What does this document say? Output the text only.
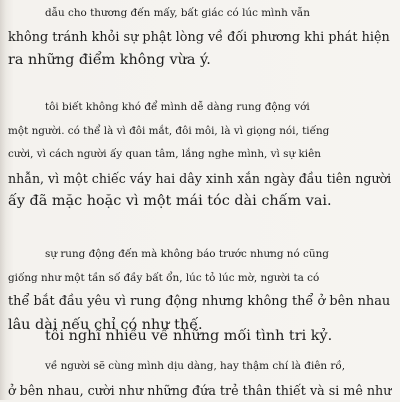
dẫu cho thương đến mấy, bất giác có lúc mình vẫn
không tránh khỏi sự phật lòng về đối phương khi phát hiện
ra những điểm không vừa ý.
tôi biết không khó để mình dễ dàng rung động với
một người. có thể là vì đôi mắt, đôi môi, là vì giọng nói, tiếng
cười, vì cách người ấy quan tâm, lắng nghe mình, vì sự kiên
nhẫn, vì một chiếc váy hai dây xinh xắn ngày đầu tiên người
ấy đã mặc hoặc vì một mái tóc dài chấm vai.
sự rung động đến mà không báo trước nhưng nó cũng
giống như một tần số đầy bất ổn, lúc tỏ lúc mờ, người ta có
thể bắt đầu yêu vì rung động nhưng không thể ở bên nhau
lâu dài nếu chỉ có như thế.
tôi nghĩ nhiều về những mối tình tri kỷ.
về người sẽ cùng mình dịu dàng, hay thậm chí là điên rồ,
ở bên nhau, cười như những đứa trẻ thân thiết và si mê như
